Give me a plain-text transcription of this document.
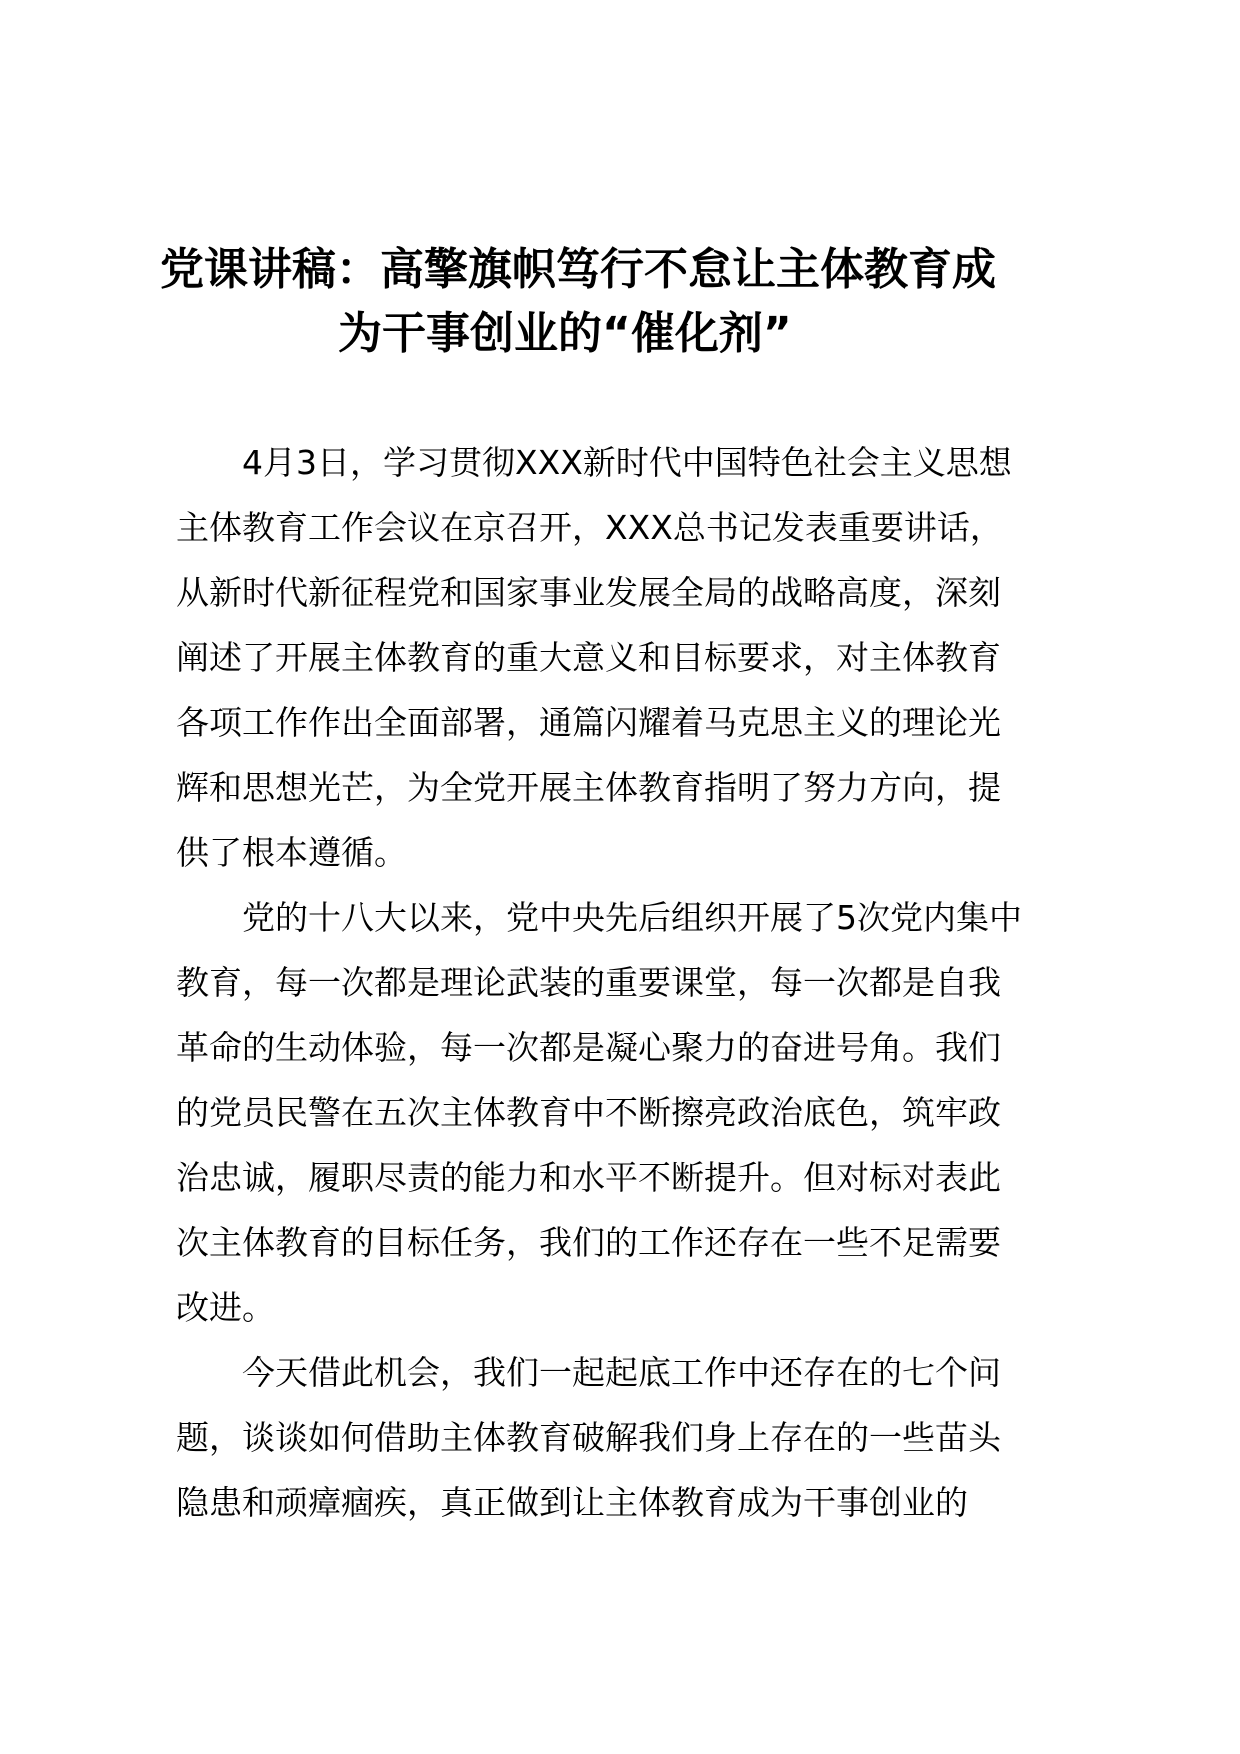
党课讲稿：高擎旗帜笃行不怠让主体教育成
为干事创业的“催化剂”

4月3日，学习贯彻XXX新时代中国特色社会主义思想
主体教育工作会议在京召开，XXX总书记发表重要讲话，
从新时代新征程党和国家事业发展全局的战略高度，深刻
阐述了开展主体教育的重大意义和目标要求，对主体教育
各项工作作出全面部署，通篇闪耀着马克思主义的理论光
辉和思想光芒，为全党开展主体教育指明了努力方向，提
供了根本遵循。

党的十八大以来，党中央先后组织开展了5次党内集中
教育，每一次都是理论武装的重要课堂，每一次都是自我
革命的生动体验，每一次都是凝心聚力的奋进号角。我们
的党员民警在五次主体教育中不断擦亮政治底色，筑牢政
治忠诚，履职尽责的能力和水平不断提升。但对标对表此
次主体教育的目标任务，我们的工作还存在一些不足需要
改进。

今天借此机会，我们一起起底工作中还存在的七个问
题，谈谈如何借助主体教育破解我们身上存在的一些苗头
隐患和顽瘴痼疾，真正做到让主体教育成为干事创业的
